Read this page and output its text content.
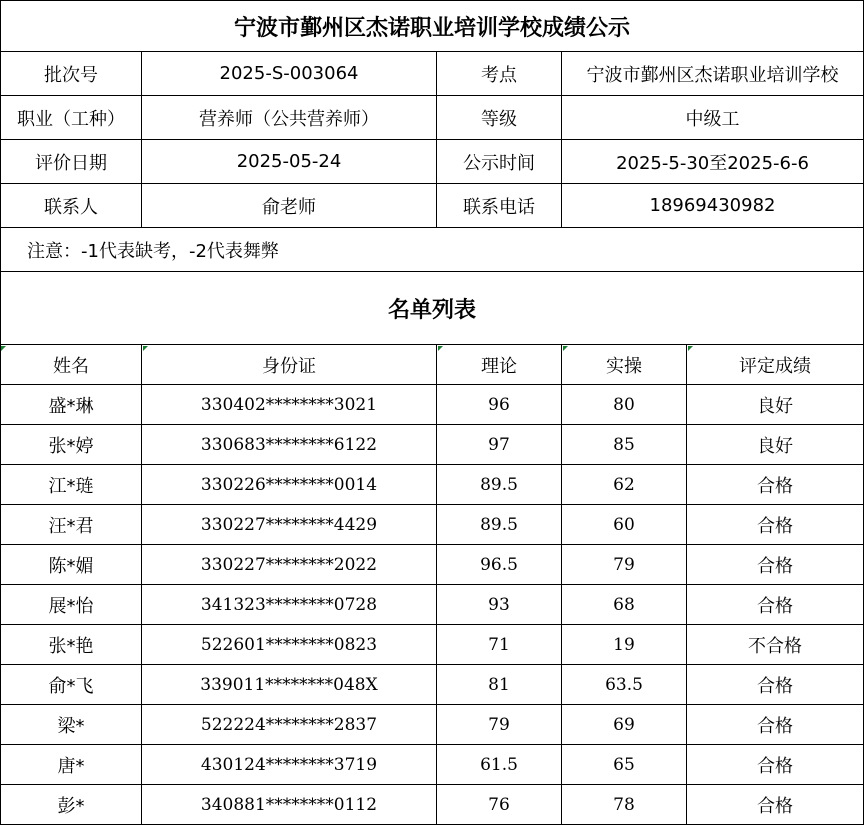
宁波市鄞州区杰诺职业培训学校成绩公示
批次号	2025-S-003064	考点	宁波市鄞州区杰诺职业培训学校
职业（工种）	营养师（公共营养师）	等级	中级工
评价日期	2025-05-24	公示时间	2025-5-30至2025-6-6
联系人	俞老师	联系电话	18969430982
注意：-1代表缺考，-2代表舞弊
名单列表
姓名	身份证	理论	实操	评定成绩
盛*琳	330402********3021	96	80	良好
张*婷	330683********6122	97	85	良好
江*琏	330226********0014	89.5	62	合格
汪*君	330227********4429	89.5	60	合格
陈*媚	330227********2022	96.5	79	合格
展*怡	341323********0728	93	68	合格
张*艳	522601********0823	71	19	不合格
俞*飞	339011********048X	81	63.5	合格
梁*	522224********2837	79	69	合格
唐*	430124********3719	61.5	65	合格
彭*	340881********0112	76	78	合格
